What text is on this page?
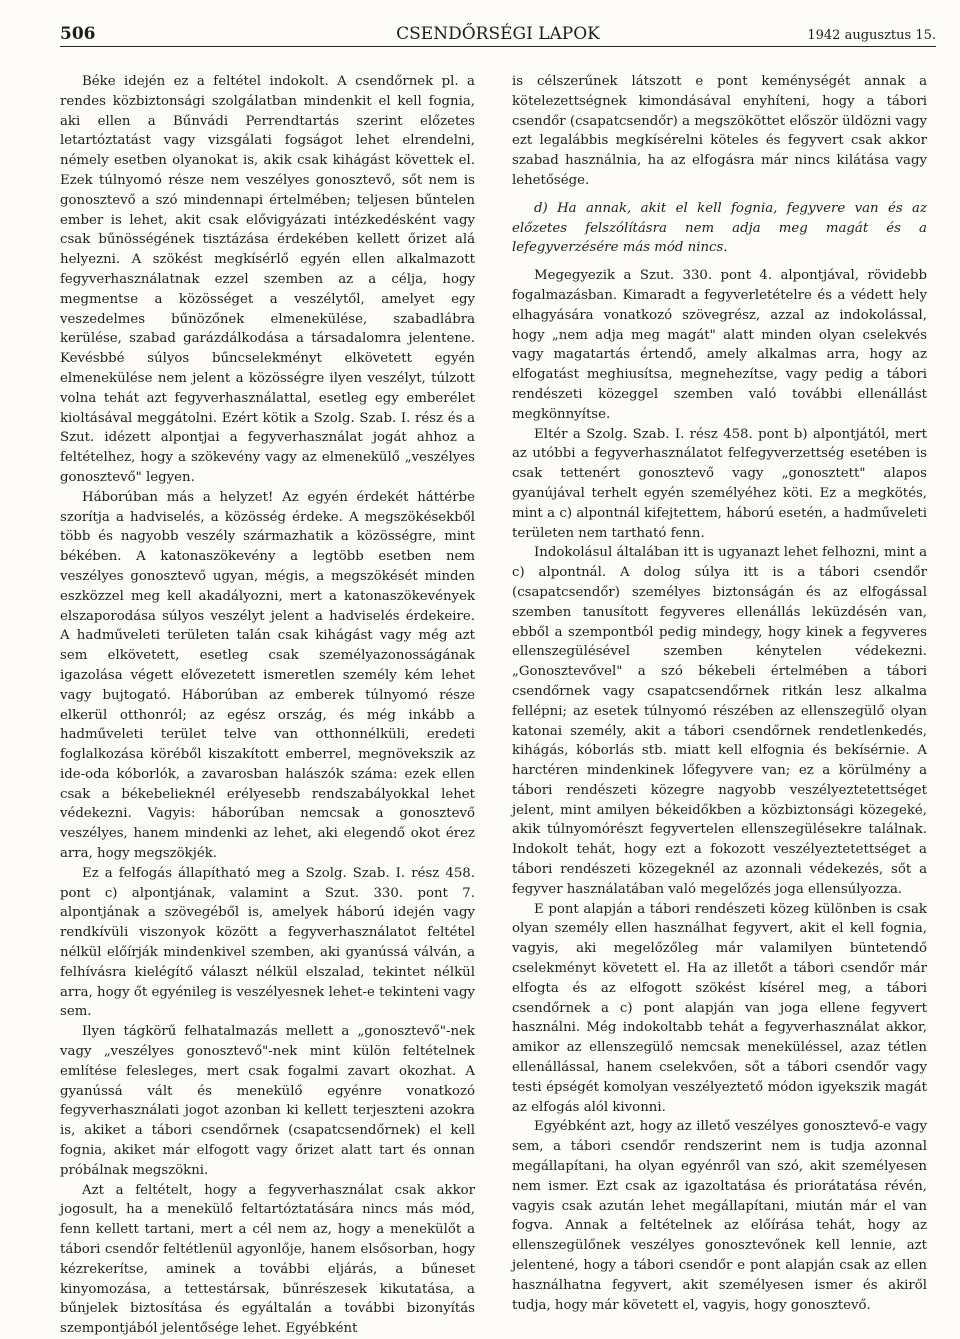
506	CSENDŐRSÉGI LAPOK	1942 augusztus 15.

Béke idején ez a feltétel indokolt. A csendőrnek pl. a rendes közbiztonsági szolgálatban mindenkit el kell fognia, aki ellen a Bűnvádi Perrendtartás szerint előzetes letartóztatást vagy vizsgálati fogságot lehet elrendelni, némely esetben olyanokat is, akik csak kihágást követtek el. Ezek túlnyomó része nem veszélyes gonosztevő, sőt nem is gonosztevő a szó mindennapi értelmében; teljesen bűntelen ember is lehet, akit csak elővigyázati intézkedésként vagy csak bűnösségének tisztázása érdekében kellett őrizet alá helyezni. A szökést megkísérlő egyén ellen alkalmazott fegyverhasználatnak ezzel szemben az a célja, hogy megmentse a közösséget a veszélytől, amelyet egy veszedelmes bűnözőnek elmenekülése, szabadlábra kerülése, szabad garázdálkodása a társadalomra jelentene. Kevésbbé súlyos bűncselekményt elkövetett egyén elmenekülése nem jelent a közösségre ilyen veszélyt, túlzott volna tehát azt fegyverhasználattal, esetleg egy emberélet kioltásával meggátolni. Ezért kötik a Szolg. Szab. I. rész és a Szut. idézett alpontjai a fegyverhasználat jogát ahhoz a feltételhez, hogy a szökevény vagy az elmenekülő „veszélyes gonosztevő" legyen.

Háborúban más a helyzet! Az egyén érdekét háttérbe szorítja a hadviselés, a közösség érdeke. A megszökésekből több és nagyobb veszély származhatik a közösségre, mint békében. A katonaszökevény a legtöbb esetben nem veszélyes gonosztevő ugyan, mégis, a megszökését minden eszközzel meg kell akadályozni, mert a katonaszökevények elszaporodása súlyos veszélyt jelent a hadviselés érdekeire. A hadműveleti területen talán csak kihágást vagy még azt sem elkövetett, esetleg csak személyazonosságának igazolása végett elővezetett ismeretlen személy kém lehet vagy bujtogató. Háborúban az emberek túlnyomó része elkerül otthonról; az egész ország, és még inkább a hadműveleti terület telve van otthonnélküli, eredeti foglalkozása köréből kiszakított emberrel, megnövekszik az ide-oda kóborlók, a zavarosban halászók száma: ezek ellen csak a békebelieknél erélyesebb rendszabályokkal lehet védekezni. Vagyis: háborúban nemcsak a gonosztevő veszélyes, hanem mindenki az lehet, aki elegendő okot érez arra, hogy megszökjék.

Ez a felfogás állapítható meg a Szolg. Szab. I. rész 458. pont c) alpontjának, valamint a Szut. 330. pont 7. alpontjának a szövegéből is, amelyek háború idején vagy rendkívüli viszonyok között a fegyverhasználatot feltétel nélkül előírják mindenkivel szemben, aki gyanússá válván, a felhívásra kielégítő választ nélkül elszalad, tekintet nélkül arra, hogy őt egyénileg is veszélyesnek lehet-e tekinteni vagy sem.

Ilyen tágkörű felhatalmazás mellett a „gonosztevő"-nek vagy „veszélyes gonosztevő"-nek mint külön feltételnek említése felesleges, mert csak fogalmi zavart okozhat. A gyanússá vált és menekülő egyénre vonatkozó fegyverhasználati jogot azonban ki kellett terjeszteni azokra is, akiket a tábori csendőrnek (csapatcsendőrnek) el kell fognia, akiket már elfogott vagy őrizet alatt tart és onnan próbálnak megszökni.

Azt a feltételt, hogy a fegyverhasználat csak akkor jogosult, ha a menekülő feltartóztatására nincs más mód, fenn kellett tartani, mert a cél nem az, hogy a menekülőt a tábori csendőr feltétlenül agyonlője, hanem elsősorban, hogy kézrekerítse, aminek a további eljárás, a bűneset kinyomozása, a tettestársak, bűnrészesek kikutatása, a bűnjelek biztosítása és egyáltalán a további bizonyítás szempontjából jelentősége lehet. Egyébként

is célszerűnek látszott e pont keménységét annak a kötelezettségnek kimondásával enyhíteni, hogy a tábori csendőr (csapatcsendőr) a megszököttet először üldözni vagy ezt legalábbis megkísérelni köteles és fegyvert csak akkor szabad használnia, ha az elfogásra már nincs kilátása vagy lehetősége.

d) Ha annak, akit el kell fognia, fegyvere van és az előzetes felszólításra nem adja meg magát és a lefegyverzésére más mód nincs.

Megegyezik a Szut. 330. pont 4. alpontjával, rövidebb fogalmazásban. Kimaradt a fegyverletételre és a védett hely elhagyására vonatkozó szövegrész, azzal az indokolással, hogy „nem adja meg magát" alatt minden olyan cselekvés vagy magatartás értendő, amely alkalmas arra, hogy az elfogatást meghiusítsa, megnehezítse, vagy pedig a tábori rendészeti közeggel szemben való további ellenállást megkönnyítse.

Eltér a Szolg. Szab. I. rész 458. pont b) alpontjától, mert az utóbbi a fegyverhasználatot felfegyverzettség esetében is csak tettenért gonosztevő vagy „gonosztett" alapos gyanújával terhelt egyén személyéhez köti. Ez a megkötés, mint a c) alpontnál kifejtettem, háború esetén, a hadműveleti területen nem tartható fenn.

Indokolásul általában itt is ugyanazt lehet felhozni, mint a c) alpontnál. A dolog súlya itt is a tábori csendőr (csapatcsendőr) személyes biztonságán és az elfogással szemben tanusított fegyveres ellenállás leküzdésén van, ebből a szempontból pedig mindegy, hogy kinek a fegyveres ellenszegülésével szemben kénytelen védekezni. „Gonosztevővel" a szó békebeli értelmében a tábori csendőrnek vagy csapatcsendőrnek ritkán lesz alkalma fellépni; az esetek túlnyomó részében az ellenszegülő olyan katonai személy, akit a tábori csendőrnek rendetlenkedés, kihágás, kóborlás stb. miatt kell elfognia és bekísérnie. A harctéren mindenkinek lőfegyvere van; ez a körülmény a tábori rendészeti közegre nagyobb veszélyeztetettséget jelent, mint amilyen békeidőkben a közbiztonsági közegeké, akik túlnyomórészt fegyvertelen ellenszegülésekre találnak. Indokolt tehát, hogy ezt a fokozott veszélyeztetettséget a tábori rendészeti közegeknél az azonnali védekezés, sőt a fegyver használatában való megelőzés joga ellensúlyozza.

E pont alapján a tábori rendészeti közeg különben is csak olyan személy ellen használhat fegyvert, akit el kell fognia, vagyis, aki megelőzőleg már valamilyen büntetendő cselekményt követett el. Ha az illetőt a tábori csendőr már elfogta és az elfogott szökést kísérel meg, a tábori csendőrnek a c) pont alapján van joga ellene fegyvert használni. Még indokoltabb tehát a fegyverhasználat akkor, amikor az ellenszegülő nemcsak meneküléssel, azaz tétlen ellenállással, hanem cselekvően, sőt a tábori csendőr vagy testi épségét komolyan veszélyeztető módon igyekszik magát az elfogás alól kivonni.

Egyébként azt, hogy az illető veszélyes gonosztevő-e vagy sem, a tábori csendőr rendszerint nem is tudja azonnal megállapítani, ha olyan egyénről van szó, akit személyesen nem ismer. Ezt csak az igazoltatása és priorátatása révén, vagyis csak azután lehet megállapítani, miután már el van fogva. Annak a feltételnek az előírása tehát, hogy az ellenszegülőnek veszélyes gonosztevőnek kell lennie, azt jelentené, hogy a tábori csendőr e pont alapján csak az ellen használhatna fegyvert, akit személyesen ismer és akiről tudja, hogy már követett el, vagyis, hogy gonosztevő.
